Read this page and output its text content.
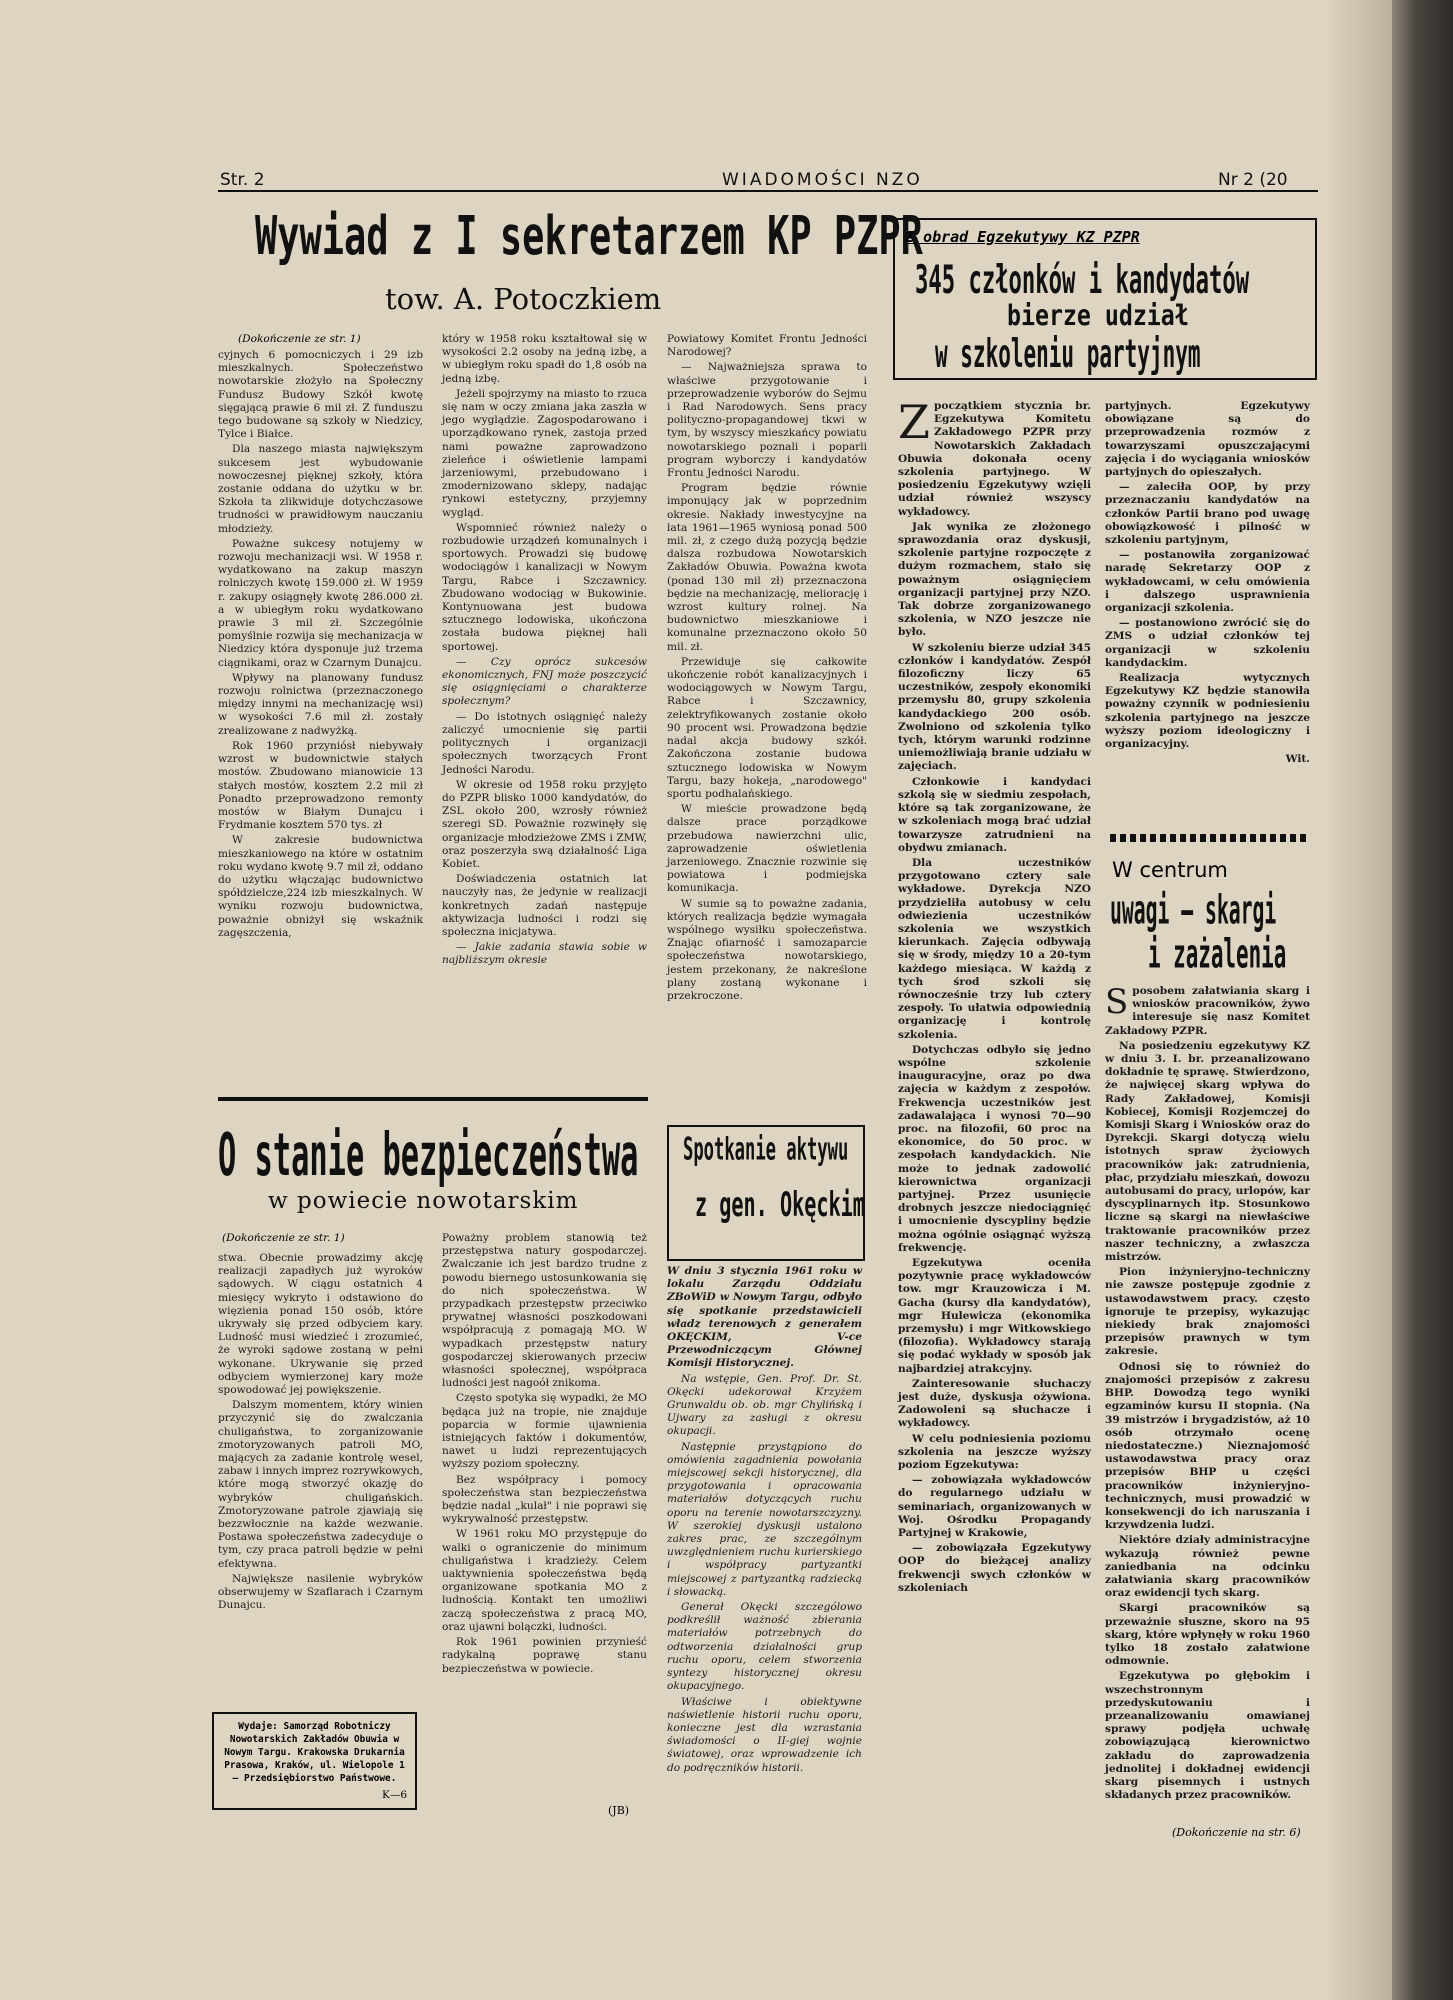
Str. 2	WIADOMOŚCI NZO	Nr 2 (20
Wywiad z I sekretarzem KP PZPR
tow. A. Potoczkiem
(Dokończenie ze str. 1)

cyjnych 6 pomocniczych i 29 izb mieszkalnych. Społeczeństwo nowotarskie złożyło na Społeczny Fundusz Budowy Szkół kwotę sięgającą prawie 6 mil zł. Z funduszu tego budowane są szkoły w Niedzicy, Tylce i Białce.

Dla naszego miasta największym sukcesem jest wybudowanie nowoczesnej pięknej szkoły, która zostanie oddana do użytku w br. Szkoła ta zlikwiduje dotychczasowe trudności w prawidłowym nauczaniu młodzieży.

Poważne sukcesy notujemy w rozwoju mechanizacji wsi. W 1958 r. wydatkowano na zakup maszyn rolniczych kwotę 159.000 zł. W 1959 r. zakupy osiągnęły kwotę 286.000 zł. a w ubiegłym roku wydatkowano prawie 3 mil zł. Szczególnie pomyślnie rozwija się mechanizacja w Niedzicy która dysponuje już trzema ciągnikami, oraz w Czarnym Dunajcu.

Wpływy na planowany fundusz rozwoju rolnictwa (przeznaczonego między innymi na mechanizację wsi) w wysokości 7.6 mil zł. zostały zrealizowane z nadwyżką.

Rok 1960 przyniósł niebywały wzrost w budownictwie stałych mostów. Zbudowano mianowicie 13 stałych mostów, kosztem 2.2 mil zł Ponadto przeprowadzono remonty mostów w Białym Dunajcu i Frydmanie kosztem 570 tys. zł

W zakresie budownictwa mieszkaniowego na które w ostatnim roku wydano kwotę 9.7 mil zł, oddano do użytku włączając budownictwo spółdzielcze,224 izb mieszkalnych. W wyniku rozwoju budownictwa, poważnie obniżył się wskaźnik zagęszczenia,

który w 1958 roku kształtował się w wysokości 2.2 osoby na jedną izbę, a w ubiegłym roku spadł do 1,8 osób na jedną izbę.

Jeżeli spojrzymy na miasto to rzuca się nam w oczy zmiana jaka zaszła w jego wyglądzie. Zagospodarowano i uporządkowano rynek, zastoja przed nami poważne zaprowadzono zieleńce i oświetlenie lampami jarzeniowymi, przebudowano i zmodernizowano sklepy, nadając rynkowi estetyczny, przyjemny wygląd.

Wspomnieć również należy o rozbudowie urządzeń komunalnych i sportowych. Prowadzi się budowę wodociągów i kanalizacji w Nowym Targu, Rabce i Szczawnicy. Zbudowano wodociąg w Bukowinie. Kontynuowana jest budowa sztucznego lodowiska, ukończona została budowa pięknej hali sportowej.

— Czy oprócz sukcesów ekonomicznych, FNJ może poszczycić się osiągnięciami o charakterze społecznym?

— Do istotnych osiągnięć należy zaliczyć umocnienie się partii politycznych i organizacji społecznych tworzących Front Jedności Narodu.

W okresie od 1958 roku przyjęto do PZPR blisko 1000 kandydatów, do ZSL około 200, wzrosły również szeregi SD. Poważnie rozwinęły się organizacje młodzieżowe ZMS i ZMW, oraz poszerzyła swą działalność Liga Kobiet.

Doświadczenia ostatnich lat nauczyły nas, że jedynie w realizacji konkretnych zadań następuje aktywizacja ludności i rodzi się społeczna inicjatywa.

— Jakie zadania stawia sobie w najbliższym okresie

Powiatowy Komitet Frontu Jedności Narodowej?

— Najważniejsza sprawa to właściwe przygotowanie i przeprowadzenie wyborów do Sejmu i Rad Narodowych. Sens pracy polityczno-propagandowej tkwi w tym, by wszyscy mieszkańcy powiatu nowotarskiego poznali i poparli program wyborczy i kandydatów Frontu Jedności Narodu.

Program będzie równie imponujący jak w poprzednim okresie. Nakłady inwestycyjne na lata 1961—1965 wyniosą ponad 500 mil. zł, z czego dużą pozycją będzie dalsza rozbudowa Nowotarskich Zakładów Obuwia. Poważna kwota (ponad 130 mil zł) przeznaczona będzie na mechanizację, meliorację i wzrost kultury rolnej. Na budownictwo mieszkaniowe i komunalne przeznaczono około 50 mil. zł.

Przewiduje się całkowite ukończenie robót kanalizacyjnych i wodociągowych w Nowym Targu, Rabce i Szczawnicy, zelektryfikowanych zostanie około 90 procent wsi. Prowadzona będzie nadal akcja budowy szkół. Zakończona zostanie budowa sztucznego lodowiska w Nowym Targu, bazy hokeja, „narodowego" sportu podhalańskiego.

W mieście prowadzone będą dalsze prace porządkowe przebudowa nawierzchni ulic, zaprowadzenie oświetlenia jarzeniowego. Znacznie rozwinie się powiatowa i podmiejska komunikacja.

W sumie są to poważne zadania, których realizacja będzie wymagała wspólnego wysiłku społeczeństwa. Znając ofiarność i samozaparcie społeczeństwa nowotarskiego, jestem przekonany, że nakreślone plany zostaną wykonane i przekroczone.

O stanie bezpieczeństwa
w powiecie nowotarskim
(Dokończenie ze str. 1)

stwa. Obecnie prowadzimy akcję realizacji zapadłych już wyroków sądowych. W ciągu ostatnich 4 miesięcy wykryto i odstawiono do więzienia ponad 150 osób, które ukrywały się przed odbyciem kary. Ludność musi wiedzieć i zrozumieć, że wyroki sądowe zostaną w pełni wykonane. Ukrywanie się przed odbyciem wymierzonej kary może spowodować jej powiększenie.

Dalszym momentem, który winien przyczynić się do zwalczania chuligaństwa, to zorganizowanie zmotoryzowanych patroli MO, mających za zadanie kontrolę wesel, zabaw i innych imprez rozrywkowych, które mogą stworzyć okazję do wybryków chuligańskich. Zmotoryzowane patrole zjawiają się bezzwłocznie na każde wezwanie. Postawa społeczeństwa zadecyduje o tym, czy praca patroli będzie w pełni efektywna.

Największe nasilenie wybryków obserwujemy w Szaflarach i Czarnym Dunajcu.

Poważny problem stanowią też przestępstwa natury gospodarczej. Zwalczanie ich jest bardzo trudne z powodu biernego ustosunkowania się do nich społeczeństwa. W przypadkach przestępstw przeciwko prywatnej własności poszkodowani współpracują z pomagają MO. W wypadkach przestępstw natury gospodarczej skierowanych przeciw własności społecznej, współpraca ludności jest nagoół znikoma.

Często spotyka się wypadki, że MO będąca już na tropie, nie znajduje poparcia w formie ujawnienia istniejących faktów i dokumentów, nawet u ludzi reprezentujących wyższy poziom społeczny.

Bez współpracy i pomocy społeczeństwa stan bezpieczeństwa będzie nadal „kulał" i nie poprawi się wykrywalność przestępstw.

W 1961 roku MO przystępuje do walki o ograniczenie do minimum chuligaństwa i kradzieży. Celem uaktywnienia społeczeństwa będą organizowane spotkania MO z ludnością. Kontakt ten umożliwi zaczą społeczeństwa z pracą MO, oraz ujawni bolączki, ludności.

Rok 1961 powinien przynieść radykalną poprawę stanu bezpieczeństwa w powiecie.

(JB)
Wydaje: Samorząd Robotniczy Nowotarskich Zakładów Obuwia w Nowym Targu. Krakowska Drukarnia Prasowa, Kraków, ul. Wielopole 1 — Przedsiębiorstwo Państwowe.
K—6
Spotkanie aktywu
z gen. Okęckim

W dniu 3 stycznia 1961 roku w lokalu Zarządu Oddziału ZBoWiD w Nowym Targu, odbyło się spotkanie przedstawicieli władz terenowych z generałem OKĘCKIM, V-ce Przewodniczącym Głównej Komisji Historycznej.

Na wstępie, Gen. Prof. Dr. St. Okęcki udekorował Krzyżem Grunwaldu ob. ob. mgr Chylińską i Ujwary za zasługi z okresu okupacji.

Następnie przystąpiono do omówienia zagadnienia powołania miejscowej sekcji historycznej, dla przygotowania i opracowania materiałów dotyczących ruchu oporu na terenie nowotarszczyzny. W szerokiej dyskusji ustalono zakres prac, ze szczególnym uwzględnieniem ruchu kurierskiego i współpracy partyzantki miejscowej z partyzantką radziecką i słowacką.

Generał Okęcki szczególowo podkreślił ważność zbierania materiałów potrzebnych do odtworzenia działalności grup ruchu oporu, celem stworzenia syntezy historycznej okresu okupacyjnego.

Właściwe i obiektywne naświetlenie historii ruchu oporu, konieczne jest dla wzrastania świadomości o II-giej wojnie światowej, oraz wprowadzenie ich do podręczników historii.

Z obrad Egzekutywy KZ PZPR
345 członków i kandydatów
bierze udział
w szkoleniu partyjnym

Zpoczątkiem stycznia br. Egzekutywa Komitetu Zakładowego PZPR przy Nowotarskich Zakładach Obuwia dokonała oceny szkolenia partyjnego. W posiedzeniu Egzekutywy wzięli udział również wszyscy wykładowcy.

Jak wynika ze złożonego sprawozdania oraz dyskusji, szkolenie partyjne rozpoczęte z dużym rozmachem, stało się poważnym osiągnięciem organizacji partyjnej przy NZO. Tak dobrze zorganizowanego szkolenia, w NZO jeszcze nie było.

W szkoleniu bierze udział 345 członków i kandydatów. Zespół filozoficzny liczy 65 uczestników, zespoły ekonomiki przemysłu 80, grupy szkolenia kandydackiego 200 osób. Zwolniono od szkolenia tylko tych, którym warunki rodzinne uniemożliwiają branie udziału w zajęciach.

Członkowie i kandydaci szkolą się w siedmiu zespołach, które są tak zorganizowane, że w szkoleniach mogą brać udział towarzysze zatrudnieni na obydwu zmianach.

Dla uczestników przygotowano cztery sale wykładowe. Dyrekcja NZO przydzieliła autobusy w celu odwiezienia uczestników szkolenia we wszystkich kierunkach. Zajęcia odbywają się w środy, między 10 a 20-tym każdego miesiąca. W każdą z tych środ szkoli się równocześnie trzy lub cztery zespoły. To ułatwia odpowiednią organizację i kontrolę szkolenia.

Dotychczas odbyło się jedno wspólne szkolenie inauguracyjne, oraz po dwa zajęcia w każdym z zespołów. Frekwencja uczestników jest zadawalająca i wynosi 70—90 proc. na filozofii, 60 proc na ekonomice, do 50 proc. w zespołach kandydackich. Nie może to jednak zadowolić kierownictwa organizacji partyjnej. Przez usunięcie drobnych jeszcze niedociągnięć i umocnienie dyscypliny będzie można ogólnie osiągnąć wyższą frekwencję.

Egzekutywa oceniła pozytywnie pracę wykładowców tow. mgr Krauzowicza i M. Gacha (kursy dla kandydatów), mgr Hulewicza (ekonomika przemysłu) i mgr Witkowskiego (filozofia). Wykładowcy starają się podać wykłady w sposób jak najbardziej atrakcyjny.

Zainteresowanie słuchaczy jest duże, dyskusja ożywiona. Zadowoleni są słuchacze i wykładowcy.

W celu podniesienia poziomu szkolenia na jeszcze wyższy poziom Egzekutywa:

— zobowiązała wykładowców do regularnego udziału w seminariach, organizowanych w Woj. Ośrodku Propagandy Partyjnej w Krakowie,

— zobowiązała Egzekutywy OOP do bieżącej analizy frekwencji swych członków w szkoleniach

partyjnych. Egzekutywy obowiązane są do przeprowadzenia rozmów z towarzyszami opuszczającymi zajęcia i do wyciągania wniosków partyjnych do opieszałych.

— zaleciła OOP, by przy przeznaczaniu kandydatów na członków Partii brano pod uwagę obowiązkowość i pilność w szkoleniu partyjnym,

— postanowiła zorganizować naradę Sekretarzy OOP z wykładowcami, w celu omówienia i dalszego usprawnienia organizacji szkolenia.

— postanowiono zwrócić się do ZMS o udział członków tej organizacji w szkoleniu kandydackim.

Realizacja wytycznych Egzekutywy KZ będzie stanowiła poważny czynnik w podniesieniu szkolenia partyjnego na jeszcze wyższy poziom ideologiczny i organizacyjny.

Wit.

W centrum
uwagi — skargi
i zażalenia

Sposobem załatwiania skarg i wniosków pracowników, żywo interesuje się nasz Komitet Zakładowy PZPR.

Na posiedzeniu egzekutywy KZ w dniu 3. I. br. przeanalizowano dokładnie tę sprawę. Stwierdzono, że najwięcej skarg wpływa do Rady Zakładowej, Komisji Kobiecej, Komisji Rozjemczej do Komisji Skarg i Wniosków oraz do Dyrekcji. Skargi dotyczą wielu istotnych spraw życiowych pracowników jak: zatrudnienia, płac, przydziału mieszkań, dowozu autobusami do pracy, urlopów, kar dyscyplinarnych itp. Stosunkowo liczne są skargi na niewłaściwe traktowanie pracowników przez naszer techniczny, a zwłaszcza mistrzów.

Pion inżynieryjno-techniczny nie zawsze postępuje zgodnie z ustawodawstwem pracy. często ignoruje te przepisy, wykazując niekiedy brak znajomości przepisów prawnych w tym zakresie.

Odnosi się to również do znajomości przepisów z zakresu BHP. Dowodzą tego wyniki egzaminów kursu II stopnia. (Na 39 mistrzów i brygadzistów, aż 10 osób otrzymało ocenę niedostateczne.) Nieznajomość ustawodawstwa pracy oraz przepisów BHP u części pracowników inżynieryjno-technicznych, musi prowadzić w konsekwencji do ich naruszania i krzywdzenia ludzi.

Niektóre działy administracyjne wykazują również pewne zaniedbania na odcinku załatwiania skarg pracowników oraz ewidencji tych skarg.

Skargi pracowników są przeważnie słuszne, skoro na 95 skarg, które wpłynęły w roku 1960 tylko 18 zostało załatwione odmownie.

Egzekutywa po głębokim i wszechstronnym przedyskutowaniu i przeanalizowaniu omawianej sprawy podjęła uchwałę zobowiązującą kierownictwo zakładu do zaprowadzenia jednolitej i dokładnej ewidencji skarg pisemnych i ustnych składanych przez pracowników.

(Dokończenie na str. 6)
